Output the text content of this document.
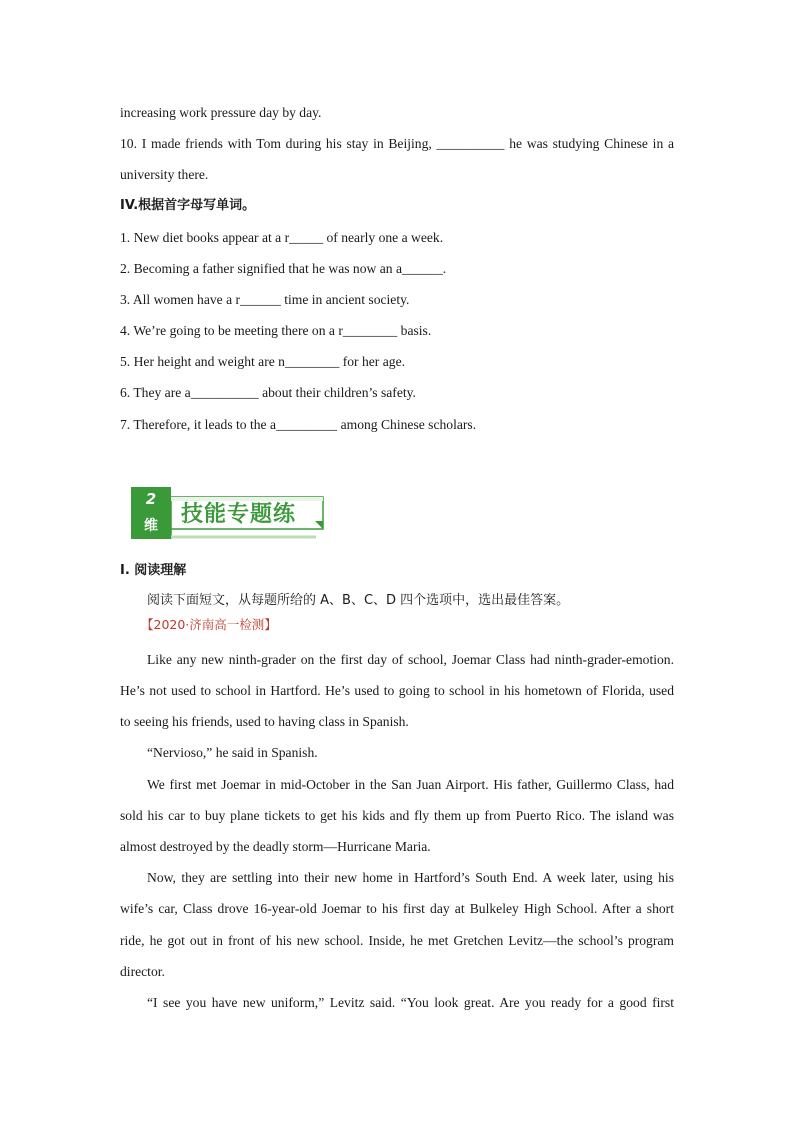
increasing work pressure day by day.
10. I made friends with Tom during his stay in Beijing, __________ he was studying Chinese in a
university there.
IV.根据首字母写单词。
1. New diet books appear at a r_____ of nearly one a week.
2. Becoming a father signified that he was now an a______.
3. All women have a r______ time in ancient society.
4. We’re going to be meeting there on a r________ basis.
5. Her height and weight are n________ for her age.
6. They are a__________ about their children’s safety.
7. Therefore, it leads to the a_________ among Chinese scholars.
2
维	技能专题练
I. 阅读理解
阅读下面短文，从每题所给的 A、B、C、D 四个选项中，选出最佳答案。
【2020·济南高一检测】
Like any new ninth-grader on the first day of school, Joemar Class had ninth-grader-emotion.
He’s not used to school in Hartford. He’s used to going to school in his hometown of Florida, used
to seeing his friends, used to having class in Spanish.
“Nervioso,” he said in Spanish.
We first met Joemar in mid-October in the San Juan Airport. His father, Guillermo Class, had
sold his car to buy plane tickets to get his kids and fly them up from Puerto Rico. The island was
almost destroyed by the deadly storm—Hurricane Maria.
Now, they are settling into their new home in Hartford’s South End. A week later, using his
wife’s car, Class drove 16-year-old Joemar to his first day at Bulkeley High School. After a short
ride, he got out in front of his new school. Inside, he met Gretchen Levitz—the school’s program
director.
“I see you have new uniform,” Levitz said. “You look great. Are you ready for a good first
